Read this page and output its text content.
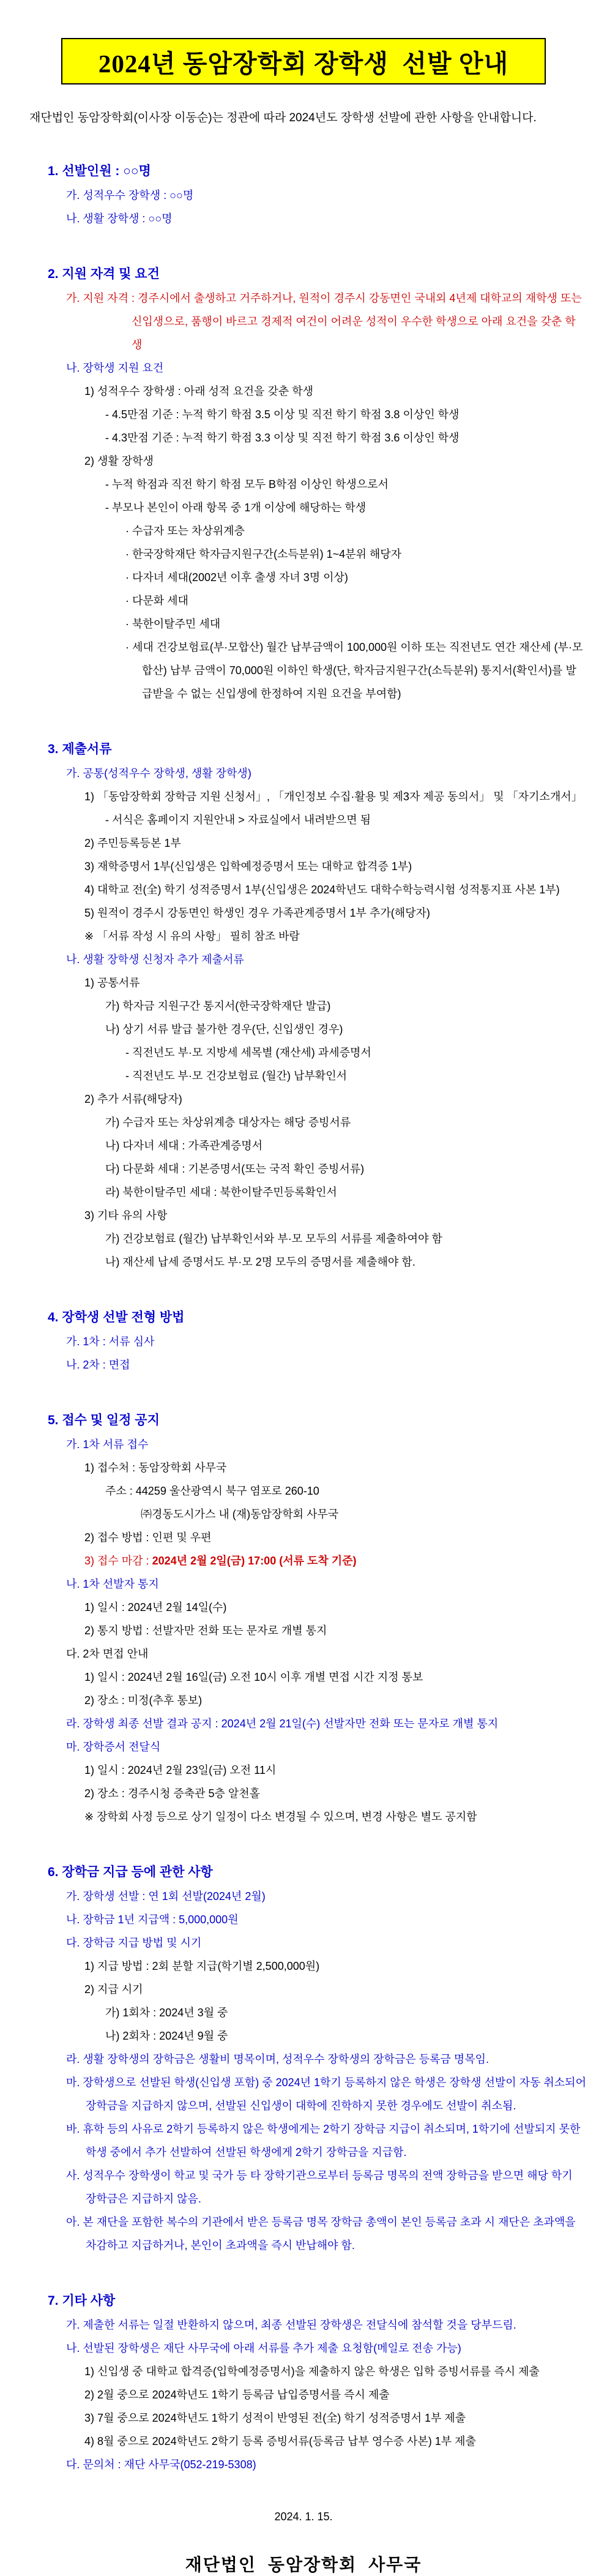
2024년 동암장학회 장학생  선발 안내

재단법인 동암장학회(이사장 이동순)는 정관에 따라 2024년도 장학생 선발에 관한 사항을 안내합니다.

1. 선발인원 : ○○명
가. 성적우수 장학생 : ○○명
나. 생활 장학생 : ○○명
2. 지원 자격 및 요건
가. 지원 자격 : 경주시에서 출생하고 거주하거나, 원적이 경주시 강동면인 국내외 4년제 대학교의 재학생 또는 신입생으로, 품행이 바르고 경제적 여건이 어려운 성적이 우수한 학생으로 아래 요건을 갖춘 학생
나. 장학생 지원 요건
1) 성적우수 장학생 : 아래 성적 요건을 갖춘 학생
- 4.5만점 기준 : 누적 학기 학점 3.5 이상 및 직전 학기 학점 3.8 이상인 학생
- 4.3만점 기준 : 누적 학기 학점 3.3 이상 및 직전 학기 학점 3.6 이상인 학생
2) 생활 장학생
- 누적 학점과 직전 학기 학점 모두 B학점 이상인 학생으로서
- 부모나 본인이 아래 항목 중 1개 이상에 해당하는 학생
· 수급자 또는 차상위계층
· 한국장학재단 학자금지원구간(소득분위) 1~4분위 해당자
· 다자녀 세대(2002년 이후 출생 자녀 3명 이상)
· 다문화 세대
· 북한이탈주민 세대
· 세대 건강보험료(부·모합산) 월간 납부금액이 100,000원 이하 또는 직전년도 연간 재산세 (부·모합산) 납부 금액이 70,000원 이하인 학생(단, 학자금지원구간(소득분위) 통지서(확인서)를 발급받을 수 없는 신입생에 한정하여 지원 요건을 부여함)
3. 제출서류
가. 공통(성적우수 장학생, 생활 장학생)
1) 「동암장학회 장학금 지원 신청서」, 「개인정보 수집·활용 및 제3자 제공 동의서」 및 「자기소개서」
- 서식은 홈페이지 지원안내 > 자료실에서 내려받으면 됨
2) 주민등록등본 1부
3) 재학증명서 1부(신입생은 입학예정증명서 또는 대학교 합격증 1부)
4) 대학교 전(全) 학기 성적증명서 1부(신입생은 2024학년도 대학수학능력시험 성적통지표 사본 1부)
5) 원적이 경주시 강동면인 학생인 경우 가족관계증명서 1부 추가(해당자)
※ 「서류 작성 시 유의 사항」 필히 참조 바람
나. 생활 장학생 신청자 추가 제출서류
1) 공통서류
가) 학자금 지원구간 통지서(한국장학재단 발급)
나) 상기 서류 발급 불가한 경우(단, 신입생인 경우)
- 직전년도 부·모 지방세 세목별 (재산세) 과세증명서
- 직전년도 부·모 건강보험료 (월간) 납부확인서
2) 추가 서류(해당자)
가) 수급자 또는 차상위계층 대상자는 해당 증빙서류
나) 다자녀 세대 : 가족관계증명서
다) 다문화 세대 : 기본증명서(또는 국적 확인 증빙서류)
라) 북한이탈주민 세대 : 북한이탈주민등록확인서
3) 기타 유의 사항
가) 건강보험료 (월간) 납부확인서와 부·모 모두의 서류를 제출하여야 함
나) 재산세 납세 증명서도 부·모 2명 모두의 증명서를 제출해야 함.
4. 장학생 선발 전형 방법
가. 1차 : 서류 심사
나. 2차 : 면접
5. 접수 및 일정 공지
가. 1차 서류 접수
1) 접수처 : 동암장학회 사무국
주소 : 44259 울산광역시 북구 염포로 260-10
㈜경동도시가스 내 (재)동암장학회 사무국
2) 접수 방법 : 인편 및 우편
3) 접수 마감 : 2024년 2월 2일(금) 17:00 (서류 도착 기준)
나. 1차 선발자 통지
1) 일시 : 2024년 2월 14일(수)
2) 통지 방법 : 선발자만 전화 또는 문자로 개별 통지
다. 2차 면접 안내
1) 일시 : 2024년 2월 16일(금) 오전 10시 이후 개별 면접 시간 지정 통보
2) 장소 : 미정(추후 통보)
라. 장학생 최종 선발 결과 공지 : 2024년 2월 21일(수) 선발자만 전화 또는 문자로 개별 통지
마. 장학증서 전달식
1) 일시 : 2024년 2월 23일(금) 오전 11시
2) 장소 : 경주시청 증축관 5층 알천홀
※ 장학회 사정 등으로 상기 일정이 다소 변경될 수 있으며, 변경 사항은 별도 공지함
6. 장학금 지급 등에 관한 사항
가. 장학생 선발 : 연 1회 선발(2024년 2월)
나. 장학금 1년 지급액 : 5,000,000원
다. 장학금 지급 방법 및 시기
1) 지급 방법 : 2회 분할 지급(학기별 2,500,000원)
2) 지급 시기
가) 1회차 : 2024년 3월 중
나) 2회차 : 2024년 9월 중
라. 생활 장학생의 장학금은 생활비 명목이며, 성적우수 장학생의 장학금은 등록금 명목임.
마. 장학생으로 선발된 학생(신입생 포함) 중 2024년 1학기 등록하지 않은 학생은 장학생 선발이 자동 취소되어 장학금을 지급하지 않으며, 선발된 신입생이 대학에 진학하지 못한 경우에도 선발이 취소됨.
바. 휴학 등의 사유로 2학기 등록하지 않은 학생에게는 2학기 장학금 지급이 취소되며, 1학기에 선발되지 못한 학생 중에서 추가 선발하여 선발된 학생에게 2학기 장학금을 지급함.
사. 성적우수 장학생이 학교 및 국가 등 타 장학기관으로부터 등록금 명목의 전액 장학금을 받으면 해당 학기 장학금은 지급하지 않음.
아. 본 재단을 포함한 복수의 기관에서 받은 등록금 명목 장학금 총액이 본인 등록금 초과 시 재단은 초과액을 차감하고 지급하거나, 본인이 초과액을 즉시 반납해야 함.
7. 기타 사항
가. 제출한 서류는 일절 반환하지 않으며, 최종 선발된 장학생은 전달식에 참석할 것을 당부드림.
나. 선발된 장학생은 재단 사무국에 아래 서류를 추가 제출 요청함(메일로 전송 가능)
1) 신입생 중 대학교 합격증(입학예정증명서)을 제출하지 않은 학생은 입학 증빙서류를 즉시 제출
2) 2월 중으로 2024학년도 1학기 등록금 납입증명서를 즉시 제출
3) 7월 중으로 2024학년도 1학기 성적이 반영된 전(全) 학기 성적증명서 1부 제출
4) 8월 중으로 2024학년도 2학기 등록 증빙서류(등록금 납부 영수증 사본) 1부 제출
다. 문의처 : 재단 사무국(052-219-5308)
2024. 1. 15.
재단법인 동암장학회 사무국
